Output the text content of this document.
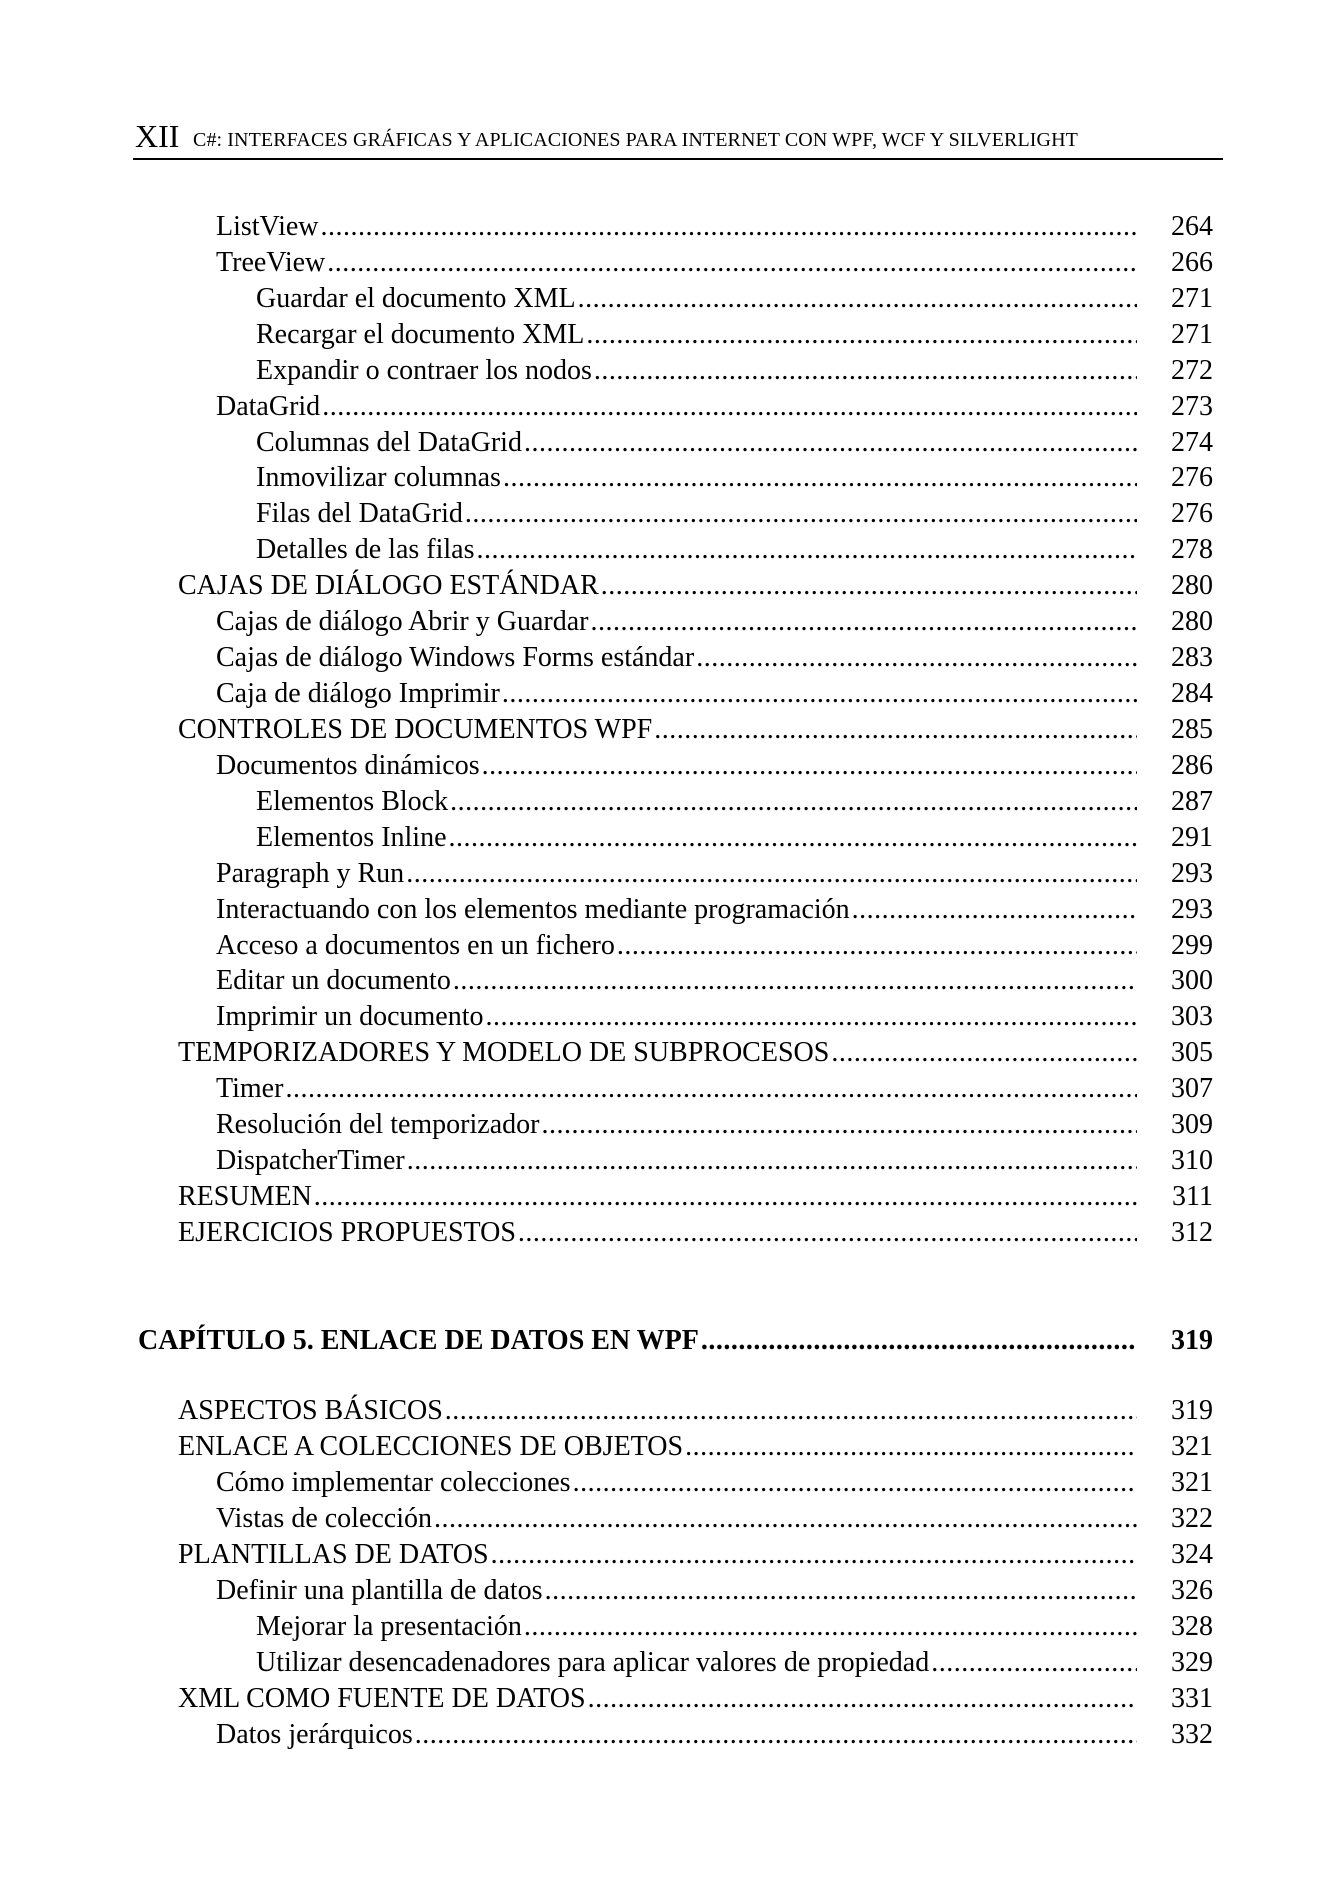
XII C#: INTERFACES GRÁFICAS Y APLICACIONES PARA INTERNET CON WPF, WCF Y SILVERLIGHT
ListView .....	264
TreeView .....	266
Guardar el documento XML .....	271
Recargar el documento XML .....	271
Expandir o contraer los nodos .....	272
DataGrid .....	273
Columnas del DataGrid .....	274
Inmovilizar columnas .....	276
Filas del DataGrid .....	276
Detalles de las filas .....	278
CAJAS DE DIÁLOGO ESTÁNDAR .....	280
Cajas de diálogo Abrir y Guardar .....	280
Cajas de diálogo Windows Forms estándar .....	283
Caja de diálogo Imprimir .....	284
CONTROLES DE DOCUMENTOS WPF .....	285
Documentos dinámicos .....	286
Elementos Block .....	287
Elementos Inline .....	291
Paragraph y Run .....	293
Interactuando con los elementos mediante programación .....	293
Acceso a documentos en un fichero .....	299
Editar un documento .....	300
Imprimir un documento .....	303
TEMPORIZADORES Y MODELO DE SUBPROCESOS .....	305
Timer .....	307
Resolución del temporizador .....	309
DispatcherTimer .....	310
RESUMEN .....	311
EJERCICIOS PROPUESTOS .....	312
CAPÍTULO 5. ENLACE DE DATOS EN WPF .....	319
ASPECTOS BÁSICOS .....	319
ENLACE A COLECCIONES DE OBJETOS .....	321
Cómo implementar colecciones .....	321
Vistas de colección .....	322
PLANTILLAS DE DATOS .....	324
Definir una plantilla de datos .....	326
Mejorar la presentación .....	328
Utilizar desencadenadores para aplicar valores de propiedad .....	329
XML COMO FUENTE DE DATOS .....	331
Datos jerárquicos .....	332
